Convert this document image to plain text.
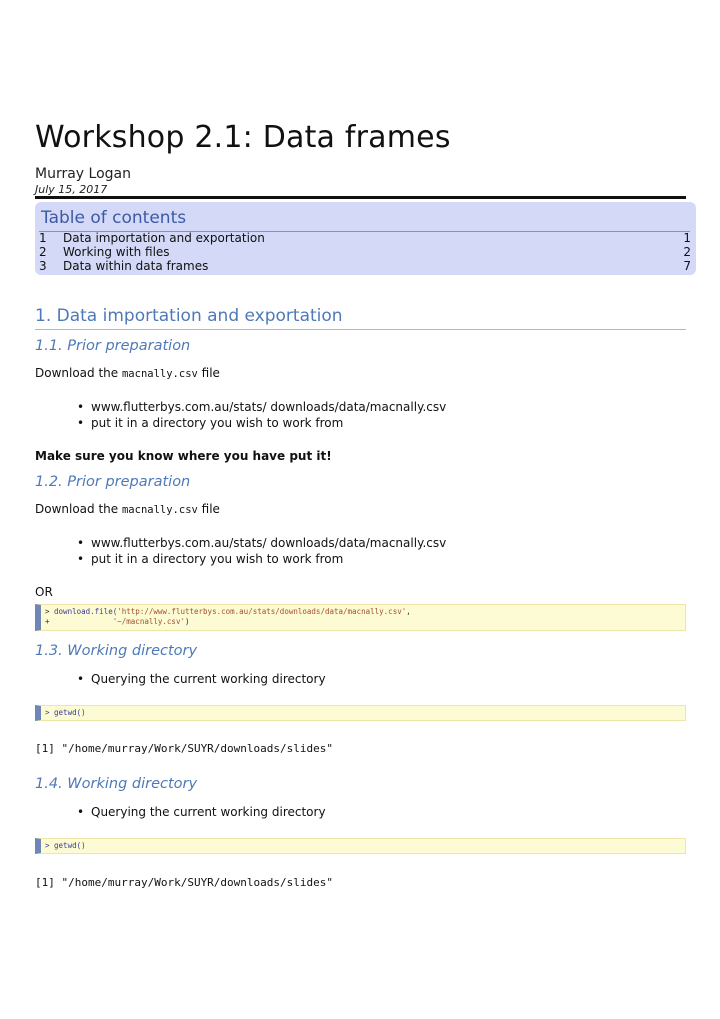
Workshop 2.1: Data frames
Murray Logan
July 15, 2017
Table of contents
1 Data importation and exportation	1
2 Working with files	2
3 Data within data frames	7
1. Data importation and exportation
1.1. Prior preparation
Download the macnally.csv file
• www.flutterbys.com.au/stats/ downloads/data/macnally.csv
• put it in a directory you wish to work from
Make sure you know where you have put it!
1.2. Prior preparation
Download the macnally.csv file
• www.flutterbys.com.au/stats/ downloads/data/macnally.csv
• put it in a directory you wish to work from
OR
> download.file('http://www.flutterbys.com.au/stats/downloads/data/macnally.csv',
+              '~/macnally.csv')
1.3. Working directory
• Querying the current working directory
> getwd()
[1] "/home/murray/Work/SUYR/downloads/slides"
1.4. Working directory
• Querying the current working directory
> getwd()
[1] "/home/murray/Work/SUYR/downloads/slides"
